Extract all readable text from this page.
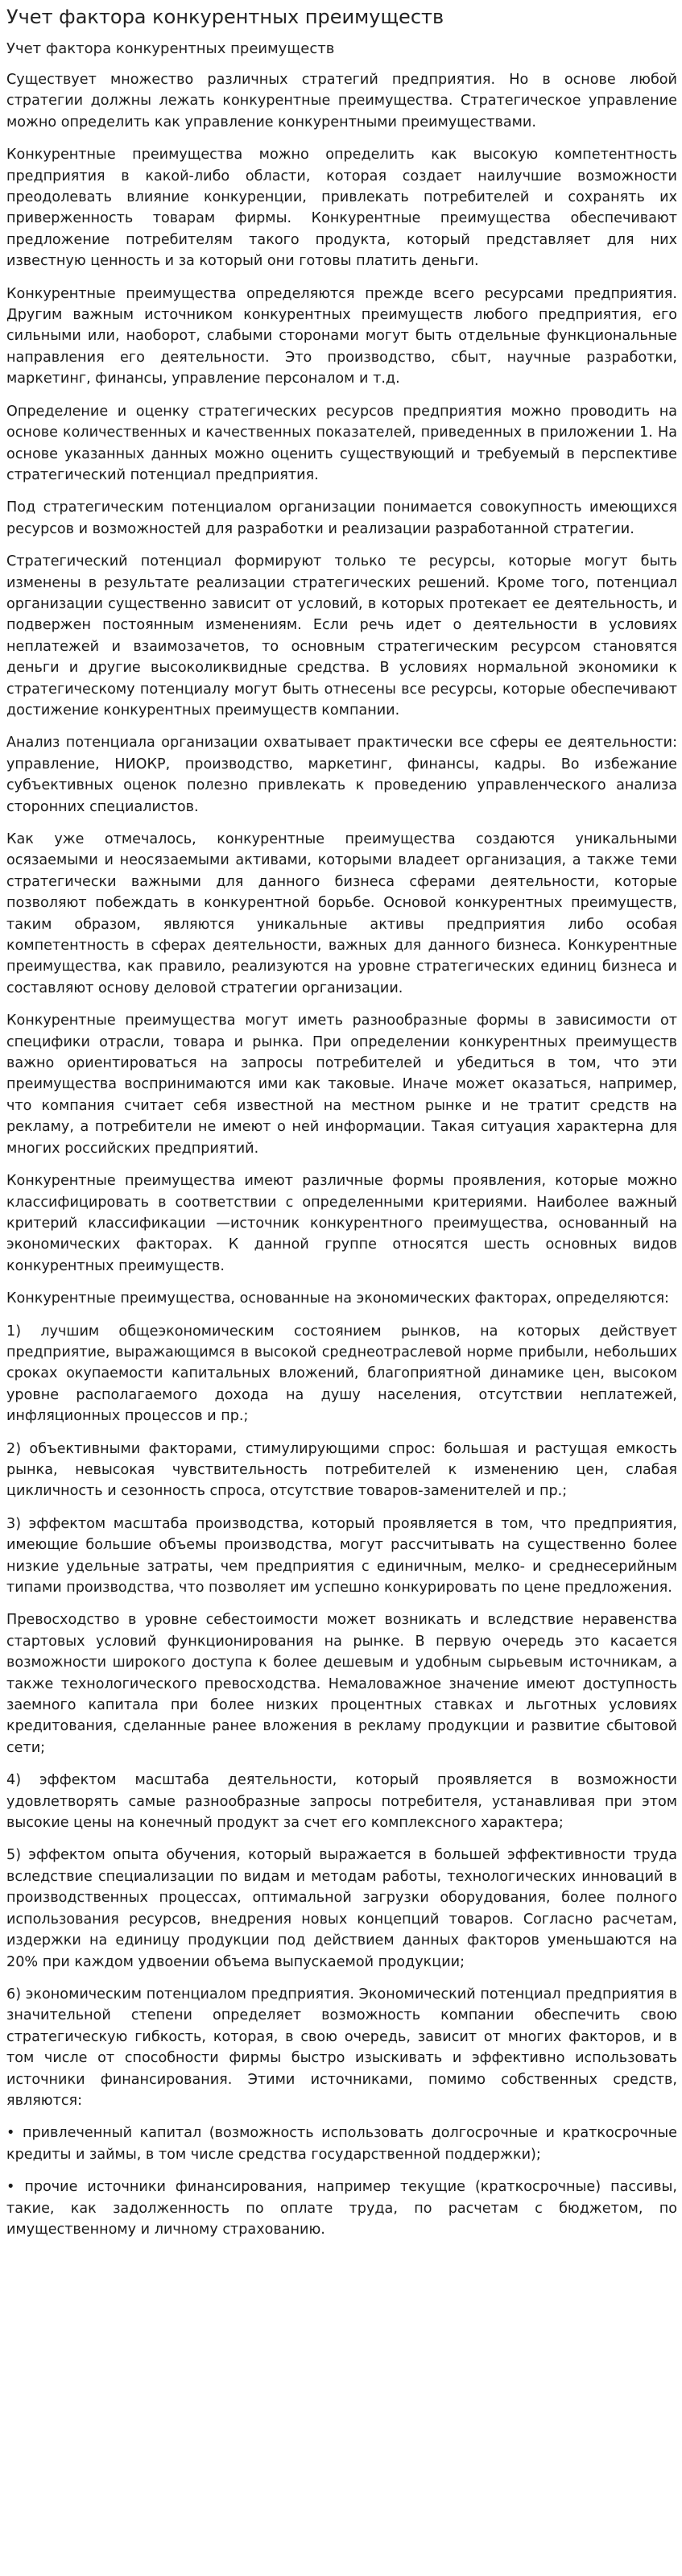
Учет фактора конкурентных преимуществ
Учет фактора конкурентных преимуществ

Существует множество различных стратегий предприятия. Но в основе любой стратегии должны лежать конкурентные преимущества. Стратегическое управление можно определить как управление конкурентными преимуществами.

Конкурентные преимущества можно определить как высокую компетентность предприятия в какой-либо области, которая создает наилучшие возможности преодолевать влияние конкуренции, привлекать потребителей и сохранять их приверженность товарам фирмы. Конкурентные преимущества обеспечивают предложение потребителям такого продукта, который представляет для них известную ценность и за который они готовы платить деньги.

Конкурентные преимущества определяются прежде всего ресурсами предприятия. Другим важным источником конкурентных преимуществ любого предприятия, его сильными или, наоборот, слабыми сторонами могут быть отдельные функциональные направления его деятельности. Это производство, сбыт, научные разработки, маркетинг, финансы, управление персоналом и т.д.

Определение и оценку стратегических ресурсов предприятия можно проводить на основе количественных и качественных показателей, приведенных в приложении 1. На основе указанных данных можно оценить существующий и требуемый в перспективе стратегический потенциал предприятия.

Под стратегическим потенциалом организации понимается совокупность имеющихся ресурсов и возможностей для разработки и реализации разработанной стратегии.

Стратегический потенциал формируют только те ресурсы, которые могут быть изменены в результате реализации стратегических решений. Кроме того, потенциал организации существенно зависит от условий, в которых протекает ее деятельность, и подвержен постоянным изменениям. Если речь идет о деятельности в условиях неплатежей и взаимозачетов, то основным стратегическим ресурсом становятся деньги и другие высоколиквидные средства. В условиях нормальной экономики к стратегическому потенциалу могут быть отнесены все ресурсы, которые обеспечивают достижение конкурентных преимуществ компании.

Анализ потенциала организации охватывает практически все сферы ее деятельности: управление, НИОКР, производство, маркетинг, финансы, кадры. Во избежание субъективных оценок полезно привлекать к проведению управленческого анализа сторонних специалистов.

Как уже отмечалось, конкурентные преимущества создаются уникальными осязаемыми и неосязаемыми активами, которыми владеет организация, а также теми стратегически важными для данного бизнеса сферами деятельности, которые позволяют побеждать в конкурентной борьбе. Основой конкурентных преимуществ, таким образом, являются уникальные активы предприятия либо особая компетентность в сферах деятельности, важных для данного бизнеса. Конкурентные преимущества, как правило, реализуются на уровне стратегических единиц бизнеса и составляют основу деловой стратегии организации.

Конкурентные преимущества могут иметь разнообразные формы в зависимости от специфики отрасли, товара и рынка. При определении конкурентных преимуществ важно ориентироваться на запросы потребителей и убедиться в том, что эти преимущества воспринимаются ими как таковые. Иначе может оказаться, например, что компания считает себя известной на местном рынке и не тратит средств на рекламу, а потребители не имеют о ней информации. Такая ситуация характерна для многих российских предприятий.

Конкурентные преимущества имеют различные формы проявления, которые можно классифицировать в соответствии с определенными критериями. Наиболее важный критерий классификации —источник конкурентного преимущества, основанный на экономических факторах. К данной группе относятся шесть основных видов конкурентных преимуществ.

Конкурентные преимущества, основанные на экономических факторах, определяются:

1) лучшим общеэкономическим состоянием рынков, на которых действует предприятие, выражающимся в высокой среднеотраслевой норме прибыли, небольших сроках окупаемости капитальных вложений, благоприятной динамике цен, высоком уровне располагаемого дохода на душу населения, отсутствии неплатежей, инфляционных процессов и пр.;

2) объективными факторами, стимулирующими спрос: большая и растущая емкость рынка, невысокая чувствительность потребителей к изменению цен, слабая цикличность и сезонность спроса, отсутствие товаров-заменителей и пр.;

3) эффектом масштаба производства, который проявляется в том, что предприятия, имеющие большие объемы производства, могут рассчитывать на существенно более низкие удельные затраты, чем предприятия с единичным, мелко- и среднесерийным типами производства, что позволяет им успешно конкурировать по цене предложения.

Превосходство в уровне себестоимости может возникать и вследствие неравенства стартовых условий функционирования на рынке. В первую очередь это касается возможности широкого доступа к более дешевым и удобным сырьевым источникам, а также технологического превосходства. Немаловажное значение имеют доступность заемного капитала при более низких процентных ставках и льготных условиях кредитования, сделанные ранее вложения в рекламу продукции и развитие сбытовой сети;

4) эффектом масштаба деятельности, который проявляется в возможности удовлетворять самые разнообразные запросы потребителя, устанавливая при этом высокие цены на конечный продукт за счет его комплексного характера;

5) эффектом опыта обучения, который выражается в большей эффективности труда вследствие специализации по видам и методам работы, технологических инноваций в производственных процессах, оптимальной загрузки оборудования, более полного использования ресурсов, внедрения новых концепций товаров. Согласно расчетам, издержки на единицу продукции под действием данных факторов уменьшаются на 20% при каждом удвоении объема выпускаемой продукции;

6) экономическим потенциалом предприятия. Экономический потенциал предприятия в значительной степени определяет возможность компании обеспечить свою стратегическую гибкость, которая, в свою очередь, зависит от многих факторов, и в том числе от способности фирмы быстро изыскивать и эффективно использовать источники финансирования. Этими источниками, помимо собственных средств, являются:

• привлеченный капитал (возможность использовать долгосрочные и краткосрочные кредиты и займы, в том числе средства государственной поддержки);

• прочие источники финансирования, например текущие (краткосрочные) пассивы, такие, как задолженность по оплате труда, по расчетам с бюджетом, по имущественному и личному страхованию.
